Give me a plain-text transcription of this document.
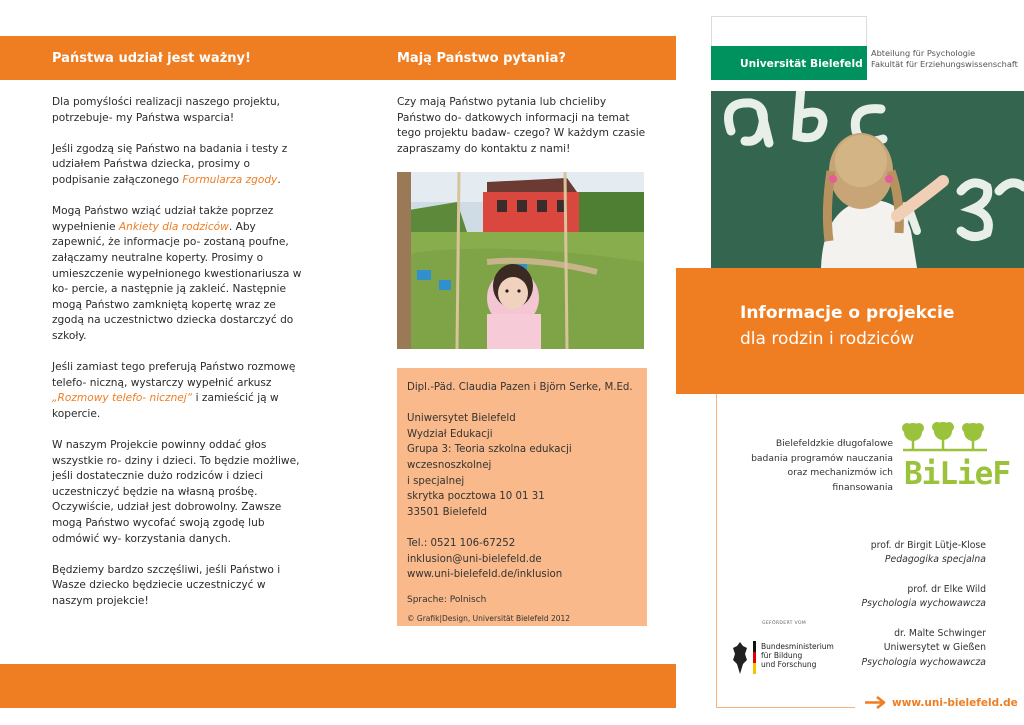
Państwa udział jest ważny!	Mają Państwo pytania?

Dla pomyślości realizacji naszego projektu, potrzebuje- my Państwa wsparcia!

Jeśli zgodzą się Państwo na badania i testy z udziałem Państwa dziecka, prosimy o podpisanie załączonego Formularza zgody.

Mogą Państwo wziąć udział także poprzez wypełnienie Ankiety dla rodziców. Aby zapewnić, że informacje po- zostaną poufne, załączamy neutralne koperty. Prosimy o umieszczenie wypełnionego kwestionariusza w ko- percie, a następnie ją zakleić. Następnie mogą Państwo zamkniętą kopertę wraz ze zgodą na uczestnictwo dziecka dostarczyć do szkoły.

Jeśli zamiast tego preferują Państwo rozmowę telefo- niczną, wystarczy wypełnić arkusz „Rozmowy telefo- nicznej“ i zamieścić ją w kopercie.

W naszym Projekcie powinny oddać głos wszystkie ro- dziny i dzieci. To będzie możliwe, jeśli dostatecznie dużo rodziców i dzieci uczestniczyć będzie na własną prośbę. Oczywiście, udział jest dobrowolny. Zawsze mogą Państwo wycofać swoją zgodę lub odmówić wy- korzystania danych.

Będziemy bardzo szczęśliwi, jeśli Państwo i Wasze dziecko będziecie uczestniczyć w naszym projekcie!

Czy mają Państwo pytania lub chcieliby Państwo do- datkowych informacji na temat tego projektu badaw- czego? W każdym czasie zapraszamy do kontaktu z nami!

Dipl.-Päd. Claudia Pazen i Björn Serke, M.Ed.
Uniwersytet Bielefeld
Wydział Edukacji
Grupa 3: Teoria szkolna edukacji wczesnoszkolnej
i specjalnej
skrytka pocztowa 10 01 31
33501 Bielefeld
Tel.: 0521 106-67252
inklusion@uni-bielefeld.de
www.uni-bielefeld.de/inklusion
Sprache: Polnisch
© Grafik|Design, Universität Bielefeld 2012
Universität Bielefeld
Abteilung für Psychologie
Fakultät für Erziehungswissenschaft
Informacje o projekcie
dla rodzin i rodziców
Bielefeldzkie długofalowe
badania programów nauczania
oraz mechanizmów ich
finansowania BiLieF
prof. dr Birgit Lütje-Klose
Pedagogika specjalna
prof. dr Elke Wild
Psychologia wychowawcza
dr. Malte Schwinger
Uniwersytet w Gießen
Psychologia wychowawcza
GEFÖRDERT VOM
Bundesministerium
für Bildung
und Forschung
www.uni-bielefeld.de
